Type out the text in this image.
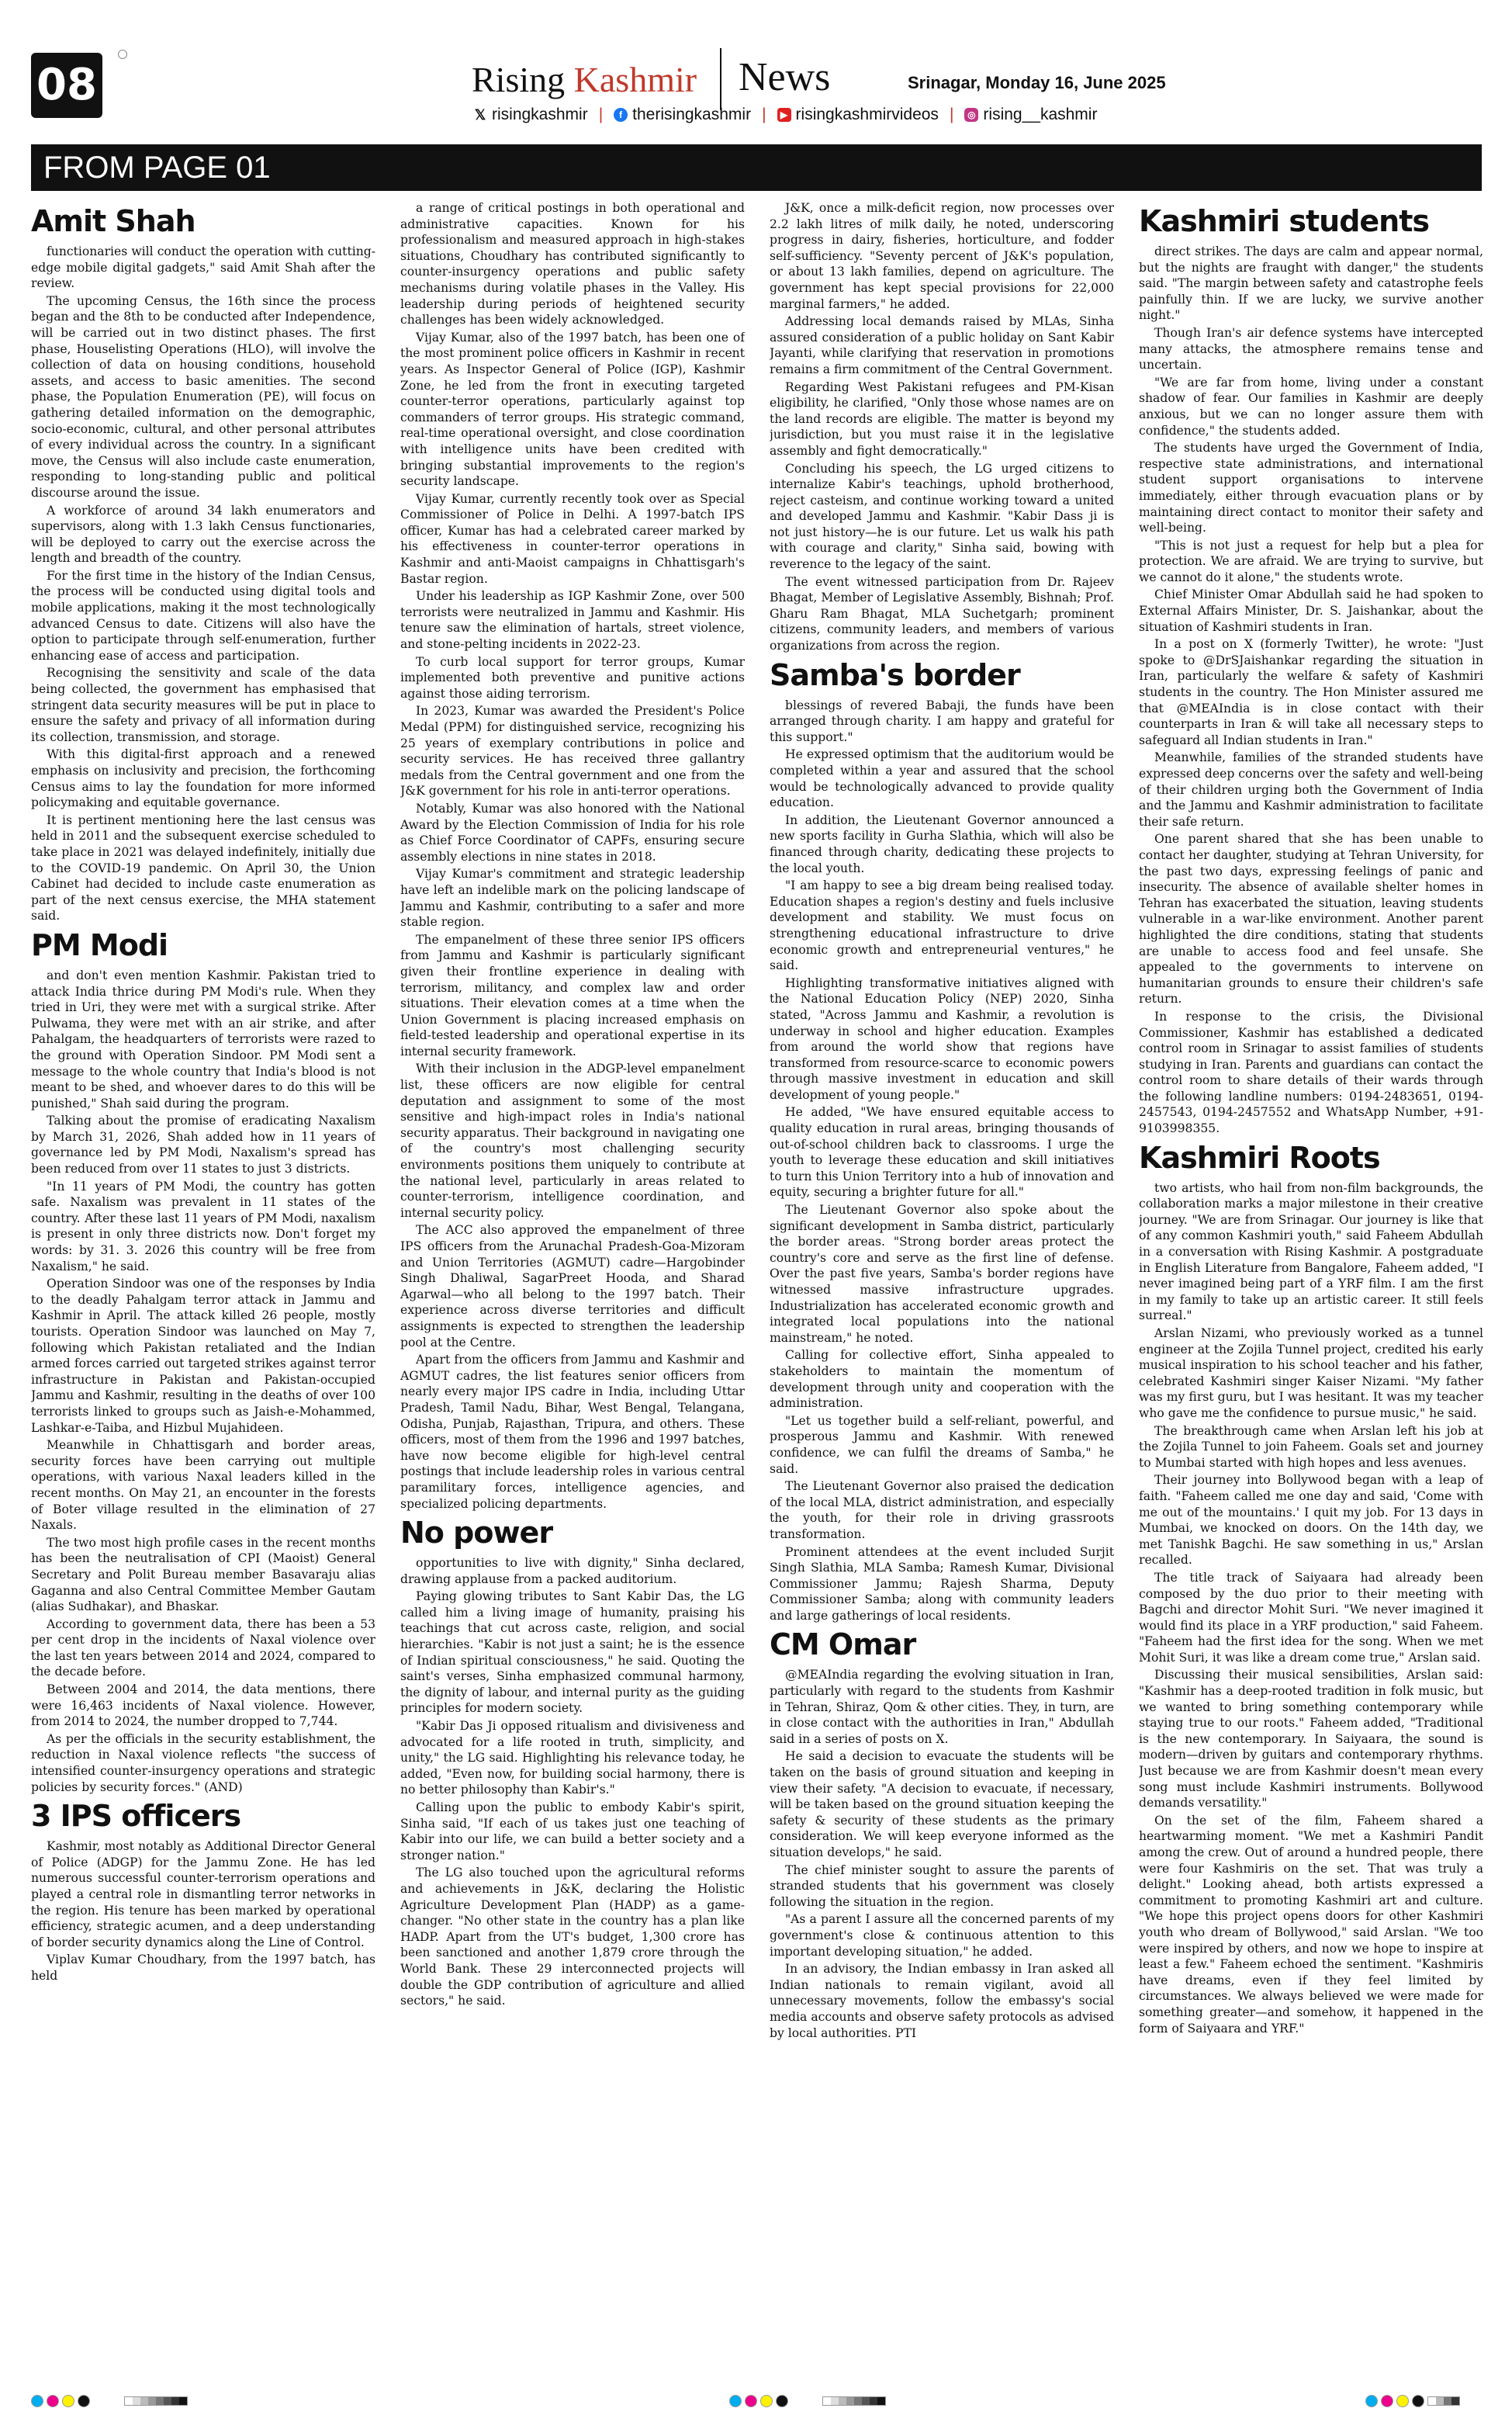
08	Rising Kashmir News	Srinagar, Monday 16, June 2025
𝕏 risingkashmir |	f therisingkashmir |	▶ risingkashmirvideos |	◎ rising__kashmir
FROM PAGE 01
Amit Shah

functionaries will conduct the operation with cutting-edge mobile digital gadgets," said Amit Shah after the review.

The upcoming Census, the 16th since the process began and the 8th to be conducted after Independence, will be carried out in two distinct phases. The first phase, Houselisting Operations (HLO), will involve the collection of data on housing conditions, household assets, and access to basic amenities. The second phase, the Population Enumeration (PE), will focus on gathering detailed information on the demographic, socio-economic, cultural, and other personal attributes of every individual across the country. In a significant move, the Census will also include caste enumeration, responding to long-standing public and political discourse around the issue.

A workforce of around 34 lakh enumerators and supervisors, along with 1.3 lakh Census functionaries, will be deployed to carry out the exercise across the length and breadth of the country.

For the first time in the history of the Indian Census, the process will be conducted using digital tools and mobile applications, making it the most technologically advanced Census to date. Citizens will also have the option to participate through self-enumeration, further enhancing ease of access and participation.

Recognising the sensitivity and scale of the data being collected, the government has emphasised that stringent data security measures will be put in place to ensure the safety and privacy of all information during its collection, transmission, and storage.

With this digital-first approach and a renewed emphasis on inclusivity and precision, the forthcoming Census aims to lay the foundation for more informed policymaking and equitable governance.

It is pertinent mentioning here the last census was held in 2011 and the subsequent exercise scheduled to take place in 2021 was delayed indefinitely, initially due to the COVID-19 pandemic. On April 30, the Union Cabinet had decided to include caste enumeration as part of the next census exercise, the MHA statement said.

PM Modi

and don't even mention Kashmir. Pakistan tried to attack India thrice during PM Modi's rule. When they tried in Uri, they were met with a surgical strike. After Pulwama, they were met with an air strike, and after Pahalgam, the headquarters of terrorists were razed to the ground with Operation Sindoor. PM Modi sent a message to the whole country that India's blood is not meant to be shed, and whoever dares to do this will be punished," Shah said during the program.

Talking about the promise of eradicating Naxalism by March 31, 2026, Shah added how in 11 years of governance led by PM Modi, Naxalism's spread has been reduced from over 11 states to just 3 districts.

"In 11 years of PM Modi, the country has gotten safe. Naxalism was prevalent in 11 states of the country. After these last 11 years of PM Modi, naxalism is present in only three districts now. Don't forget my words: by 31. 3. 2026 this country will be free from Naxalism," he said.

Operation Sindoor was one of the responses by India to the deadly Pahalgam terror attack in Jammu and Kashmir in April. The attack killed 26 people, mostly tourists. Operation Sindoor was launched on May 7, following which Pakistan retaliated and the Indian armed forces carried out targeted strikes against terror infrastructure in Pakistan and Pakistan-occupied Jammu and Kashmir, resulting in the deaths of over 100 terrorists linked to groups such as Jaish-e-Mohammed, Lashkar-e-Taiba, and Hizbul Mujahideen.

Meanwhile in Chhattisgarh and border areas, security forces have been carrying out multiple operations, with various Naxal leaders killed in the recent months. On May 21, an encounter in the forests of Boter village resulted in the elimination of 27 Naxals.

The two most high profile cases in the recent months has been the neutralisation of CPI (Maoist) General Secretary and Polit Bureau member Basavaraju alias Gaganna and also Central Committee Member Gautam (alias Sudhakar), and Bhaskar.

According to government data, there has been a 53 per cent drop in the incidents of Naxal violence over the last ten years between 2014 and 2024, compared to the decade before.

Between 2004 and 2014, the data mentions, there were 16,463 incidents of Naxal violence. However, from 2014 to 2024, the number dropped to 7,744.

As per the officials in the security establishment, the reduction in Naxal violence reflects "the success of intensified counter-insurgency operations and strategic policies by security forces." (AND)

3 IPS officers

Kashmir, most notably as Additional Director General of Police (ADGP) for the Jammu Zone. He has led numerous successful counter-terrorism operations and played a central role in dismantling terror networks in the region. His tenure has been marked by operational efficiency, strategic acumen, and a deep understanding of border security dynamics along the Line of Control.

Viplav Kumar Choudhary, from the 1997 batch, has held

a range of critical postings in both operational and administrative capacities. Known for his professionalism and measured approach in high-stakes situations, Choudhary has contributed significantly to counter-insurgency operations and public safety mechanisms during volatile phases in the Valley. His leadership during periods of heightened security challenges has been widely acknowledged.

Vijay Kumar, also of the 1997 batch, has been one of the most prominent police officers in Kashmir in recent years. As Inspector General of Police (IGP), Kashmir Zone, he led from the front in executing targeted counter-terror operations, particularly against top commanders of terror groups. His strategic command, real-time operational oversight, and close coordination with intelligence units have been credited with bringing substantial improvements to the region's security landscape.

Vijay Kumar, currently recently took over as Special Commissioner of Police in Delhi. A 1997-batch IPS officer, Kumar has had a celebrated career marked by his effectiveness in counter-terror operations in Kashmir and anti-Maoist campaigns in Chhattisgarh's Bastar region.

Under his leadership as IGP Kashmir Zone, over 500 terrorists were neutralized in Jammu and Kashmir. His tenure saw the elimination of hartals, street violence, and stone-pelting incidents in 2022-23.

To curb local support for terror groups, Kumar implemented both preventive and punitive actions against those aiding terrorism.

In 2023, Kumar was awarded the President's Police Medal (PPM) for distinguished service, recognizing his 25 years of exemplary contributions in police and security services. He has received three gallantry medals from the Central government and one from the J&K government for his role in anti-terror operations.

Notably, Kumar was also honored with the National Award by the Election Commission of India for his role as Chief Force Coordinator of CAPFs, ensuring secure assembly elections in nine states in 2018.

Vijay Kumar's commitment and strategic leadership have left an indelible mark on the policing landscape of Jammu and Kashmir, contributing to a safer and more stable region.

The empanelment of these three senior IPS officers from Jammu and Kashmir is particularly significant given their frontline experience in dealing with terrorism, militancy, and complex law and order situations. Their elevation comes at a time when the Union Government is placing increased emphasis on field-tested leadership and operational expertise in its internal security framework.

With their inclusion in the ADGP-level empanelment list, these officers are now eligible for central deputation and assignment to some of the most sensitive and high-impact roles in India's national security apparatus. Their background in navigating one of the country's most challenging security environments positions them uniquely to contribute at the national level, particularly in areas related to counter-terrorism, intelligence coordination, and internal security policy.

The ACC also approved the empanelment of three IPS officers from the Arunachal Pradesh-Goa-Mizoram and Union Territories (AGMUT) cadre—Hargobinder Singh Dhaliwal, SagarPreet Hooda, and Sharad Agarwal—who all belong to the 1997 batch. Their experience across diverse territories and difficult assignments is expected to strengthen the leadership pool at the Centre.

Apart from the officers from Jammu and Kashmir and AGMUT cadres, the list features senior officers from nearly every major IPS cadre in India, including Uttar Pradesh, Tamil Nadu, Bihar, West Bengal, Telangana, Odisha, Punjab, Rajasthan, Tripura, and others. These officers, most of them from the 1996 and 1997 batches, have now become eligible for high-level central postings that include leadership roles in various central paramilitary forces, intelligence agencies, and specialized policing departments.

No power

opportunities to live with dignity," Sinha declared, drawing applause from a packed auditorium.

Paying glowing tributes to Sant Kabir Das, the LG called him a living image of humanity, praising his teachings that cut across caste, religion, and social hierarchies. "Kabir is not just a saint; he is the essence of Indian spiritual consciousness," he said. Quoting the saint's verses, Sinha emphasized communal harmony, the dignity of labour, and internal purity as the guiding principles for modern society.

"Kabir Das Ji opposed ritualism and divisiveness and advocated for a life rooted in truth, simplicity, and unity," the LG said. Highlighting his relevance today, he added, "Even now, for building social harmony, there is no better philosophy than Kabir's."

Calling upon the public to embody Kabir's spirit, Sinha said, "If each of us takes just one teaching of Kabir into our life, we can build a better society and a stronger nation."

The LG also touched upon the agricultural reforms and achievements in J&K, declaring the Holistic Agriculture Development Plan (HADP) as a game-changer. "No other state in the country has a plan like HADP. Apart from the UT's budget, 1,300 crore has been sanctioned and another 1,879 crore through the World Bank. These 29 interconnected projects will double the GDP contribution of agriculture and allied sectors," he said.

J&K, once a milk-deficit region, now processes over 2.2 lakh litres of milk daily, he noted, underscoring progress in dairy, fisheries, horticulture, and fodder self-sufficiency. "Seventy percent of J&K's population, or about 13 lakh families, depend on agriculture. The government has kept special provisions for 22,000 marginal farmers," he added.

Addressing local demands raised by MLAs, Sinha assured consideration of a public holiday on Sant Kabir Jayanti, while clarifying that reservation in promotions remains a firm commitment of the Central Government.

Regarding West Pakistani refugees and PM-Kisan eligibility, he clarified, "Only those whose names are on the land records are eligible. The matter is beyond my jurisdiction, but you must raise it in the legislative assembly and fight democratically."

Concluding his speech, the LG urged citizens to internalize Kabir's teachings, uphold brotherhood, reject casteism, and continue working toward a united and developed Jammu and Kashmir. "Kabir Dass ji is not just history—he is our future. Let us walk his path with courage and clarity," Sinha said, bowing with reverence to the legacy of the saint.

The event witnessed participation from Dr. Rajeev Bhagat, Member of Legislative Assembly, Bishnah; Prof. Gharu Ram Bhagat, MLA Suchetgarh; prominent citizens, community leaders, and members of various organizations from across the region.

Samba's border

blessings of revered Babaji, the funds have been arranged through charity. I am happy and grateful for this support."

He expressed optimism that the auditorium would be completed within a year and assured that the school would be technologically advanced to provide quality education.

In addition, the Lieutenant Governor announced a new sports facility in Gurha Slathia, which will also be financed through charity, dedicating these projects to the local youth.

"I am happy to see a big dream being realised today. Education shapes a region's destiny and fuels inclusive development and stability. We must focus on strengthening educational infrastructure to drive economic growth and entrepreneurial ventures," he said.

Highlighting transformative initiatives aligned with the National Education Policy (NEP) 2020, Sinha stated, "Across Jammu and Kashmir, a revolution is underway in school and higher education. Examples from around the world show that regions have transformed from resource-scarce to economic powers through massive investment in education and skill development of young people."

He added, "We have ensured equitable access to quality education in rural areas, bringing thousands of out-of-school children back to classrooms. I urge the youth to leverage these education and skill initiatives to turn this Union Territory into a hub of innovation and equity, securing a brighter future for all."

The Lieutenant Governor also spoke about the significant development in Samba district, particularly the border areas. "Strong border areas protect the country's core and serve as the first line of defense. Over the past five years, Samba's border regions have witnessed massive infrastructure upgrades. Industrialization has accelerated economic growth and integrated local populations into the national mainstream," he noted.

Calling for collective effort, Sinha appealed to stakeholders to maintain the momentum of development through unity and cooperation with the administration.

"Let us together build a self-reliant, powerful, and prosperous Jammu and Kashmir. With renewed confidence, we can fulfil the dreams of Samba," he said.

The Lieutenant Governor also praised the dedication of the local MLA, district administration, and especially the youth, for their role in driving grassroots transformation.

Prominent attendees at the event included Surjit Singh Slathia, MLA Samba; Ramesh Kumar, Divisional Commissioner Jammu; Rajesh Sharma, Deputy Commissioner Samba; along with community leaders and large gatherings of local residents.

CM Omar

@MEAIndia regarding the evolving situation in Iran, particularly with regard to the students from Kashmir in Tehran, Shiraz, Qom & other cities. They, in turn, are in close contact with the authorities in Iran," Abdullah said in a series of posts on X.

He said a decision to evacuate the students will be taken on the basis of ground situation and keeping in view their safety. "A decision to evacuate, if necessary, will be taken based on the ground situation keeping the safety & security of these students as the primary consideration. We will keep everyone informed as the situation develops," he said.

The chief minister sought to assure the parents of stranded students that his government was closely following the situation in the region.

"As a parent I assure all the concerned parents of my government's close & continuous attention to this important developing situation," he added.

In an advisory, the Indian embassy in Iran asked all Indian nationals to remain vigilant, avoid all unnecessary movements, follow the embassy's social media accounts and observe safety protocols as advised by local authorities. PTI

Kashmiri students

direct strikes. The days are calm and appear normal, but the nights are fraught with danger," the students said. "The margin between safety and catastrophe feels painfully thin. If we are lucky, we survive another night."

Though Iran's air defence systems have intercepted many attacks, the atmosphere remains tense and uncertain.

"We are far from home, living under a constant shadow of fear. Our families in Kashmir are deeply anxious, but we can no longer assure them with confidence," the students added.

The students have urged the Government of India, respective state administrations, and international student support organisations to intervene immediately, either through evacuation plans or by maintaining direct contact to monitor their safety and well-being.

"This is not just a request for help but a plea for protection. We are afraid. We are trying to survive, but we cannot do it alone," the students wrote.

Chief Minister Omar Abdullah said he had spoken to External Affairs Minister, Dr. S. Jaishankar, about the situation of Kashmiri students in Iran.

In a post on X (formerly Twitter), he wrote: "Just spoke to @DrSJaishankar regarding the situation in Iran, particularly the welfare & safety of Kashmiri students in the country. The Hon Minister assured me that @MEAIndia is in close contact with their counterparts in Iran & will take all necessary steps to safeguard all Indian students in Iran."

Meanwhile, families of the stranded students have expressed deep concerns over the safety and well-being of their children urging both the Government of India and the Jammu and Kashmir administration to facilitate their safe return.

One parent shared that she has been unable to contact her daughter, studying at Tehran University, for the past two days, expressing feelings of panic and insecurity. The absence of available shelter homes in Tehran has exacerbated the situation, leaving students vulnerable in a war-like environment. Another parent highlighted the dire conditions, stating that students are unable to access food and feel unsafe. She appealed to the governments to intervene on humanitarian grounds to ensure their children's safe return.

In response to the crisis, the Divisional Commissioner, Kashmir has established a dedicated control room in Srinagar to assist families of students studying in Iran. Parents and guardians can contact the control room to share details of their wards through the following landline numbers: 0194-2483651, 0194-2457543, 0194-2457552 and WhatsApp Number, +91-9103998355.

Kashmiri Roots

two artists, who hail from non-film backgrounds, the collaboration marks a major milestone in their creative journey. "We are from Srinagar. Our journey is like that of any common Kashmiri youth," said Faheem Abdullah in a conversation with Rising Kashmir. A postgraduate in English Literature from Bangalore, Faheem added, "I never imagined being part of a YRF film. I am the first in my family to take up an artistic career. It still feels surreal."

Arslan Nizami, who previously worked as a tunnel engineer at the Zojila Tunnel project, credited his early musical inspiration to his school teacher and his father, celebrated Kashmiri singer Kaiser Nizami. "My father was my first guru, but I was hesitant. It was my teacher who gave me the confidence to pursue music," he said.

The breakthrough came when Arslan left his job at the Zojila Tunnel to join Faheem. Goals set and journey to Mumbai started with high hopes and less avenues.

Their journey into Bollywood began with a leap of faith. "Faheem called me one day and said, 'Come with me out of the mountains.' I quit my job. For 13 days in Mumbai, we knocked on doors. On the 14th day, we met Tanishk Bagchi. He saw something in us," Arslan recalled.

The title track of Saiyaara had already been composed by the duo prior to their meeting with Bagchi and director Mohit Suri. "We never imagined it would find its place in a YRF production," said Faheem. "Faheem had the first idea for the song. When we met Mohit Suri, it was like a dream come true," Arslan said.

Discussing their musical sensibilities, Arslan said: "Kashmir has a deep-rooted tradition in folk music, but we wanted to bring something contemporary while staying true to our roots." Faheem added, "Traditional is the new contemporary. In Saiyaara, the sound is modern—driven by guitars and contemporary rhythms. Just because we are from Kashmir doesn't mean every song must include Kashmiri instruments. Bollywood demands versatility."

On the set of the film, Faheem shared a heartwarming moment. "We met a Kashmiri Pandit among the crew. Out of around a hundred people, there were four Kashmiris on the set. That was truly a delight." Looking ahead, both artists expressed a commitment to promoting Kashmiri art and culture. "We hope this project opens doors for other Kashmiri youth who dream of Bollywood," said Arslan. "We too were inspired by others, and now we hope to inspire at least a few." Faheem echoed the sentiment. "Kashmiris have dreams, even if they feel limited by circumstances. We always believed we were made for something greater—and somehow, it happened in the form of Saiyaara and YRF."
